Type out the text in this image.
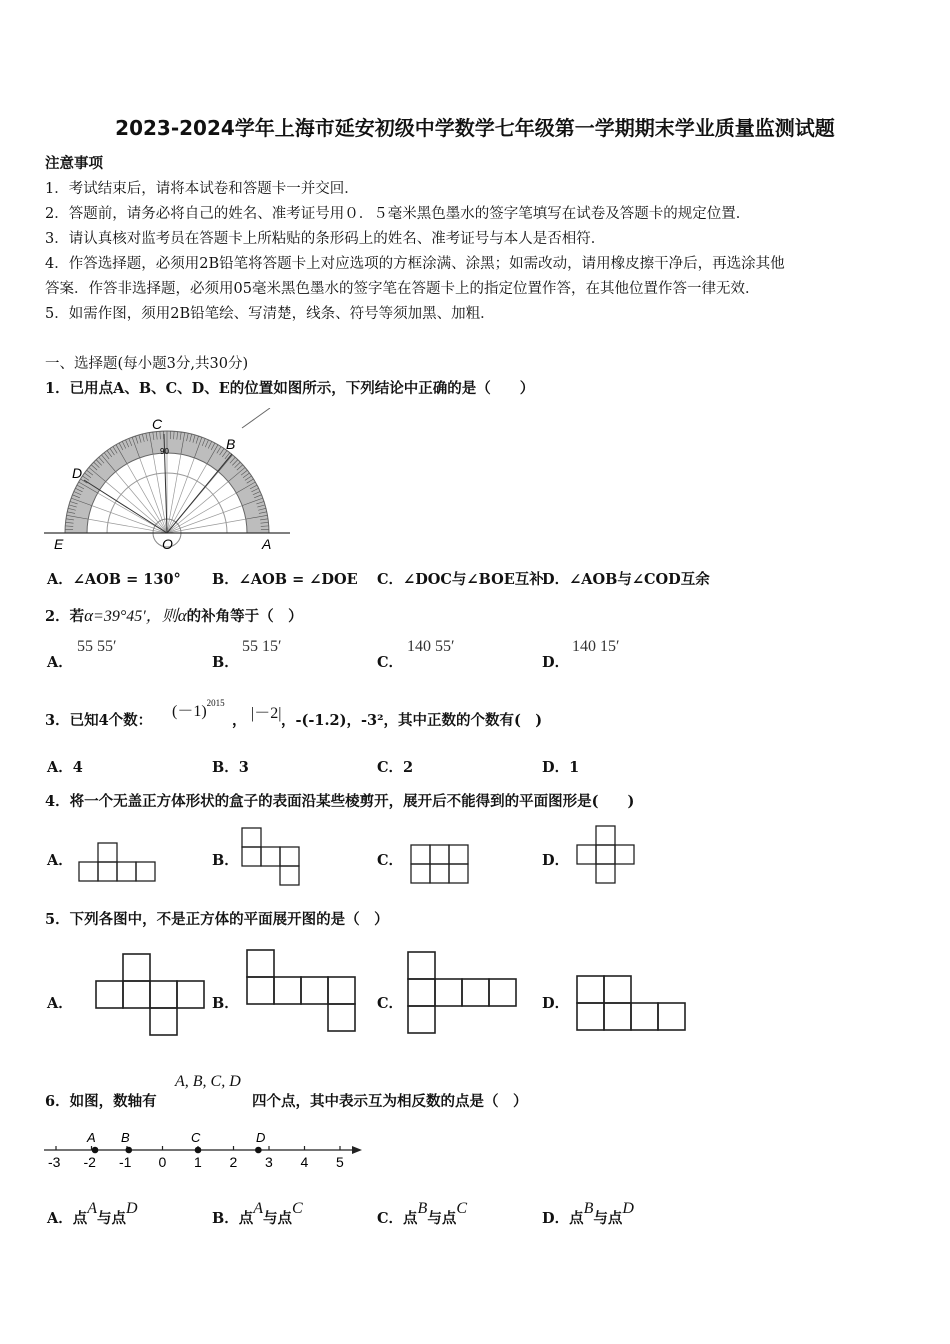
2023-2024学年上海市延安初级中学数学七年级第一学期期末学业质量监测试题
注意事项
1．考试结束后，请将本试卷和答题卡一并交回．
2．答题前，请务必将自己的姓名、准考证号用０．５毫米黑色墨水的签字笔填写在试卷及答题卡的规定位置．
3．请认真核对监考员在答题卡上所粘贴的条形码上的姓名、准考证号与本人是否相符．
4．作答选择题，必须用2B铅笔将答题卡上对应选项的方框涂满、涂黑；如需改动，请用橡皮擦干净后，再选涂其他
答案．作答非选择题，必须用05毫米黑色墨水的签字笔在答题卡上的指定位置作答，在其他位置作答一律无效．
5．如需作图，须用2B铅笔绘、写清楚，线条、符号等须加黑、加粗．
一、选择题(每小题3分,共30分)
1．已用点A、B、C、D、E的位置如图所示，下列结论中正确的是（　　）
C
B
D
E	O	A
90
A．∠AOB = 130° B．∠AOB = ∠DOE C．∠DOC与∠BOE互补
D．∠AOB与∠COD互余
2．若α=39°45′，则α的补角等于（　）
A．
55 55′
B．
55 15′
C．
140 55′
D．
140 15′
3．已知4个数：
$(-1)^{2015}$
， |－2| ，-(-1.2)，-3²，其中正数的个数有(　)
A．4	B．3	C．2	D．1
4．将一个无盖正方体形状的盒子的表面沿某些棱剪开，展开后不能得到的平面图形是(　　)
A．	B．	C．	D．
5．下列各图中，不是正方体的平面展开图的是（　）
A．	B．	C．	D．
6．如图，数轴有
A, B, C, D
四个点，其中表示互为相反数的点是（　）
-3 -2 -1 0 1 2 3 4 5
A B	C	D
A．点A与点D
B．点A与点C
C．点B与点C
D．点B与点D
